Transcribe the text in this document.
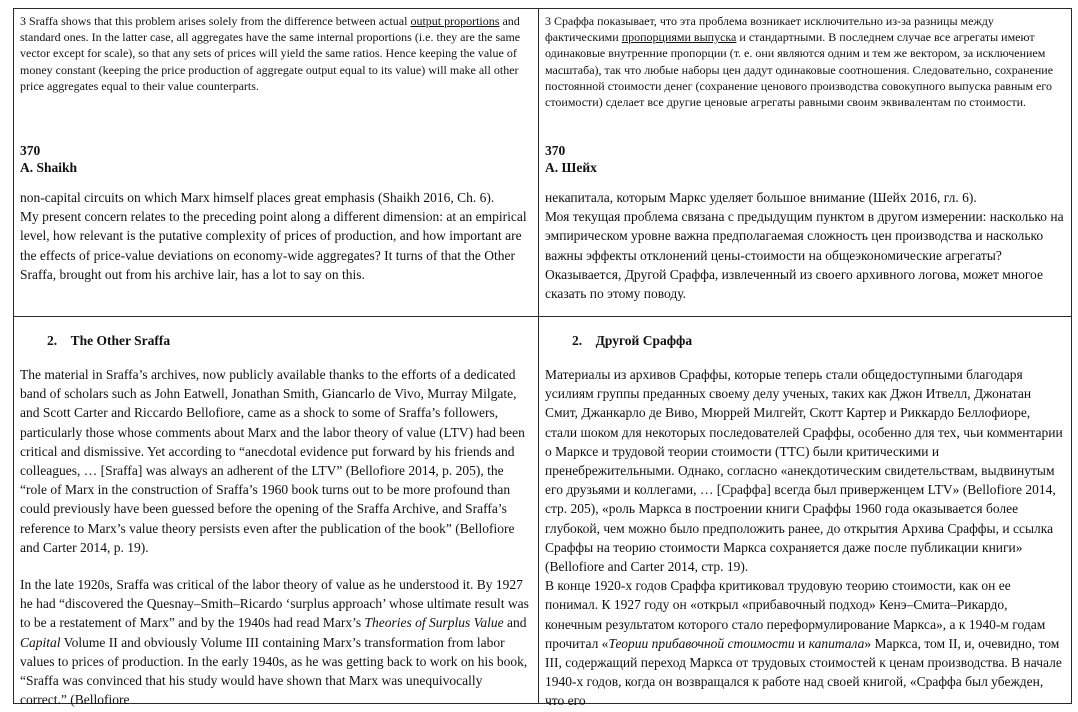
3 Sraffa shows that this problem arises solely from the difference between actual output proportions and standard ones. In the latter case, all aggregates have the same internal proportions (i.e. they are the same vector except for scale), so that any sets of prices will yield the same ratios. Hence keeping the value of money constant (keeping the price production of aggregate output equal to its value) will make all other price aggregates equal to their value counterparts.
370
A. Shaikh

non-capital circuits on which Marx himself places great emphasis (Shaikh 2016, Ch. 6).

My present concern relates to the preceding point along a different dimension: at an empirical level, how relevant is the putative complexity of prices of production, and how important are the effects of price-value deviations on economy-wide aggregates? It turns of that the Other Sraffa, brought out from his archive lair, has a lot to say on this.

2. The Other Sraffa

The material in Sraffa’s archives, now publicly available thanks to the efforts of a dedicated band of scholars such as John Eatwell, Jonathan Smith, Giancarlo de Vivo, Murray Milgate, and Scott Carter and Riccardo Bellofiore, came as a shock to some of Sraffa’s followers, particularly those whose comments about Marx and the labor theory of value (LTV) had been critical and dismissive. Yet according to “anecdotal evidence put forward by his friends and colleagues, … [Sraffa] was always an adherent of the LTV” (Bellofiore 2014, p. 205), the “role of Marx in the construction of Sraffa’s 1960 book turns out to be more profound than could previously have been guessed before the opening of the Sraffa Archive, and Sraffa’s reference to Marx’s value theory persists even after the publication of the book” (Bellofiore and Carter 2014, p. 19).

In the late 1920s, Sraffa was critical of the labor theory of value as he understood it. By 1927 he had “discovered the Quesnay–Smith–Ricardo ‘surplus approach’ whose ultimate result was to be a restatement of Marx” and by the 1940s had read Marx’s Theories of Surplus Value and Capital Volume II and obviously Volume III containing Marx’s transformation from labor values to prices of production. In the early 1940s, as he was getting back to work on his book, “Sraffa was convinced that his study would have shown that Marx was unequivocally correct.” (Bellofiore

3 Сраффа показывает, что эта проблема возникает исключительно из-за разницы между фактическими пропорциями выпуска и стандартными. В последнем случае все агрегаты имеют одинаковые внутренние пропорции (т. е. они являются одним и тем же вектором, за исключением масштаба), так что любые наборы цен дадут одинаковые соотношения. Следовательно, сохранение постоянной стоимости денег (сохранение ценового производства совокупного выпуска равным его стоимости) сделает все другие ценовые агрегаты равными своим эквивалентам по стоимости.
370
А. Шейх

некапитала, которым Маркс уделяет большое внимание (Шейх 2016, гл. 6).

Моя текущая проблема связана с предыдущим пунктом в другом измерении: насколько на эмпирическом уровне важна предполагаемая сложность цен производства и насколько важны эффекты отклонений цены-стоимости на общеэкономические агрегаты? Оказывается, Другой Сраффа, извлеченный из своего архивного логова, может многое сказать по этому поводу.

2. Другой Сраффа

Материалы из архивов Сраффы, которые теперь стали общедоступными благодаря усилиям группы преданных своему делу ученых, таких как Джон Итвелл, Джонатан Смит, Джанкарло де Виво, Мюррей Милгейт, Скотт Картер и Риккардо Беллофиоре, стали шоком для некоторых последователей Сраффы, особенно для тех, чьи комментарии о Марксе и трудовой теории стоимости (ТТС) были критическими и пренебрежительными. Однако, согласно «анекдотическим свидетельствам, выдвинутым его друзьями и коллегами, … [Сраффа] всегда был приверженцем LTV» (Bellofiore 2014, стр. 205), «роль Маркса в построении книги Сраффы 1960 года оказывается более глубокой, чем можно было предположить ранее, до открытия Архива Сраффы, и ссылка Сраффы на теорию стоимости Маркса сохраняется даже после публикации книги» (Bellofiore and Carter 2014, стр. 19).

В конце 1920-х годов Сраффа критиковал трудовую теорию стоимости, как он ее понимал. К 1927 году он «открыл «прибавочный подход» Кенэ–Смита–Рикардо, конечным результатом которого стало переформулирование Маркса», а к 1940-м годам прочитал «Теории прибавочной стоимости и капитала» Маркса, том II, и, очевидно, том III, содержащий переход Маркса от трудовых стоимостей к ценам производства. В начале 1940-х годов, когда он возвращался к работе над своей книгой, «Сраффа был убежден, что его
